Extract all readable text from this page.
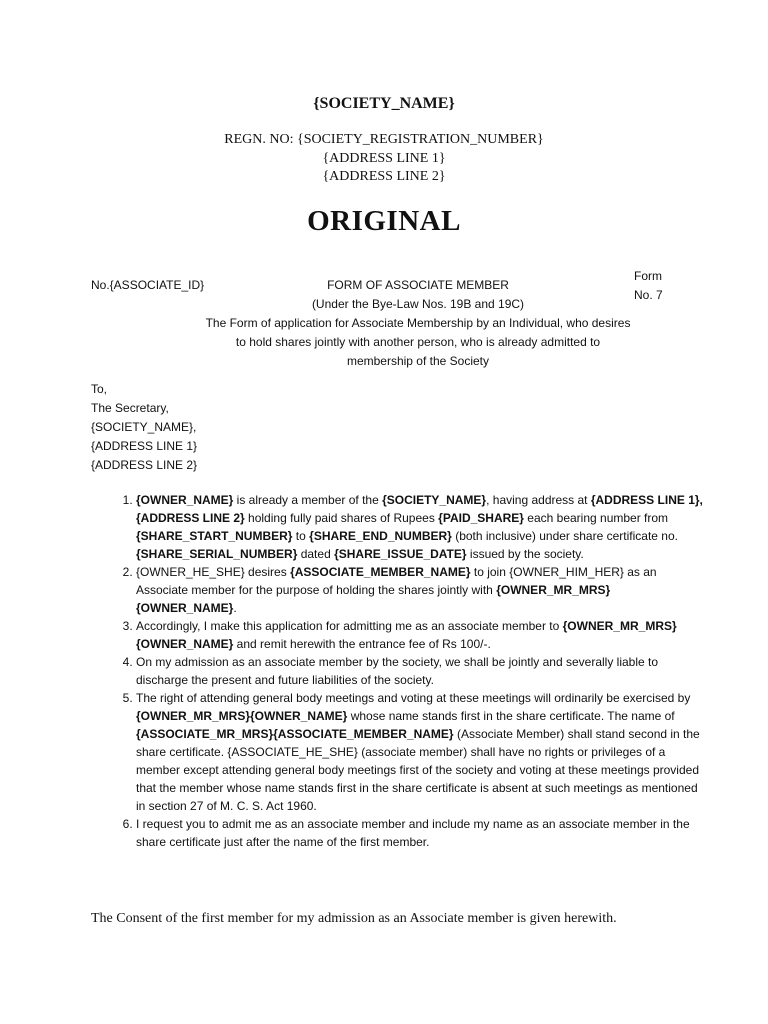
{SOCIETY_NAME}
REGN. NO: {SOCIETY_REGISTRATION_NUMBER}
{ADDRESS LINE 1}
{ADDRESS LINE 2}
ORIGINAL
No.{ASSOCIATE_ID}
Form
No. 7
FORM OF ASSOCIATE MEMBER
(Under the Bye-Law Nos. 19B and 19C)
The Form of application for Associate Membership by an Individual, who desires to hold shares jointly with another person, who is already admitted to membership of the Society
To,
The Secretary,
{SOCIETY_NAME},
{ADDRESS LINE 1}
{ADDRESS LINE 2}
1. {OWNER_NAME} is already a member of the {SOCIETY_NAME}, having address at {ADDRESS LINE 1},{ADDRESS LINE 2} holding fully paid shares of Rupees {PAID_SHARE} each bearing number from {SHARE_START_NUMBER} to {SHARE_END_NUMBER} (both inclusive) under share certificate no. {SHARE_SERIAL_NUMBER} dated {SHARE_ISSUE_DATE} issued by the society.
2. {OWNER_HE_SHE} desires {ASSOCIATE_MEMBER_NAME} to join {OWNER_HIM_HER} as an Associate member for the purpose of holding the shares jointly with {OWNER_MR_MRS} {OWNER_NAME}.
3. Accordingly, I make this application for admitting me as an associate member to {OWNER_MR_MRS}{OWNER_NAME} and remit herewith the entrance fee of Rs 100/-.
4. On my admission as an associate member by the society, we shall be jointly and severally liable to discharge the present and future liabilities of the society.
5. The right of attending general body meetings and voting at these meetings will ordinarily be exercised by {OWNER_MR_MRS}{OWNER_NAME} whose name stands first in the share certificate. The name of {ASSOCIATE_MR_MRS}{ASSOCIATE_MEMBER_NAME} (Associate Member) shall stand second in the share certificate. {ASSOCIATE_HE_SHE} (associate member) shall have no rights or privileges of a member except attending general body meetings first of the society and voting at these meetings provided that the member whose name stands first in the share certificate is absent at such meetings as mentioned in section 27 of M. C. S. Act 1960.
6. I request you to admit me as an associate member and include my name as an associate member in the share certificate just after the name of the first member.
The Consent of the first member for my admission as an Associate member is given herewith.
